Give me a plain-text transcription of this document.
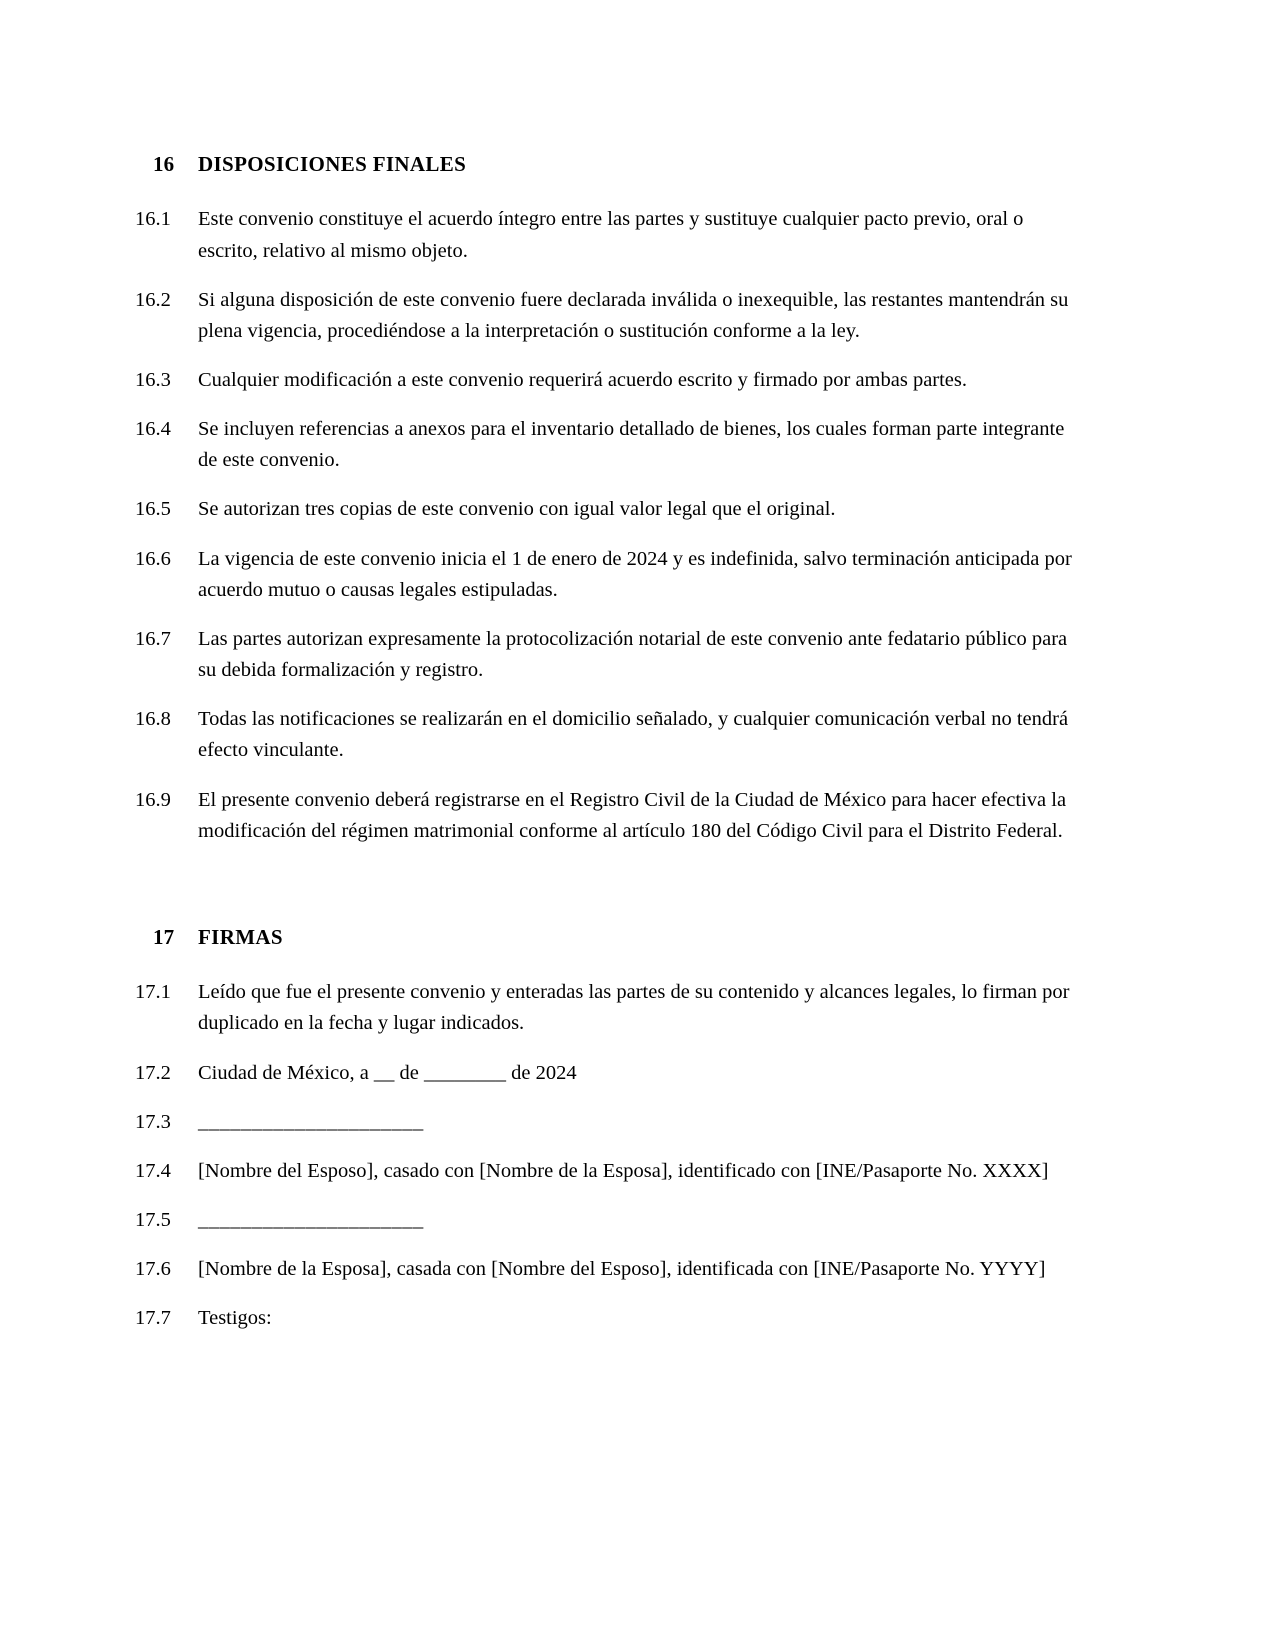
16	DISPOSICIONES FINALES
16.1	Este convenio constituye el acuerdo íntegro entre las partes y sustituye cualquier pacto previo, oral o escrito, relativo al mismo objeto.
16.2	Si alguna disposición de este convenio fuere declarada inválida o inexequible, las restantes mantendrán su plena vigencia, procediéndose a la interpretación o sustitución conforme a la ley.
16.3	Cualquier modificación a este convenio requerirá acuerdo escrito y firmado por ambas partes.
16.4	Se incluyen referencias a anexos para el inventario detallado de bienes, los cuales forman parte integrante de este convenio.
16.5	Se autorizan tres copias de este convenio con igual valor legal que el original.
16.6	La vigencia de este convenio inicia el 1 de enero de 2024 y es indefinida, salvo terminación anticipada por acuerdo mutuo o causas legales estipuladas.
16.7	Las partes autorizan expresamente la protocolización notarial de este convenio ante fedatario público para su debida formalización y registro.
16.8	Todas las notificaciones se realizarán en el domicilio señalado, y cualquier comunicación verbal no tendrá efecto vinculante.
16.9	El presente convenio deberá registrarse en el Registro Civil de la Ciudad de México para hacer efectiva la modificación del régimen matrimonial conforme al artículo 180 del Código Civil para el Distrito Federal.
17	FIRMAS
17.1	Leído que fue el presente convenio y enteradas las partes de su contenido y alcances legales, lo firman por duplicado en la fecha y lugar indicados.
17.2	Ciudad de México, a __ de ________ de 2024
17.3	_____________________
17.4	[Nombre del Esposo], casado con [Nombre de la Esposa], identificado con [INE/Pasaporte No. XXXX]
17.5	_____________________
17.6	[Nombre de la Esposa], casada con [Nombre del Esposo], identificada con [INE/Pasaporte No. YYYY]
17.7	Testigos:
